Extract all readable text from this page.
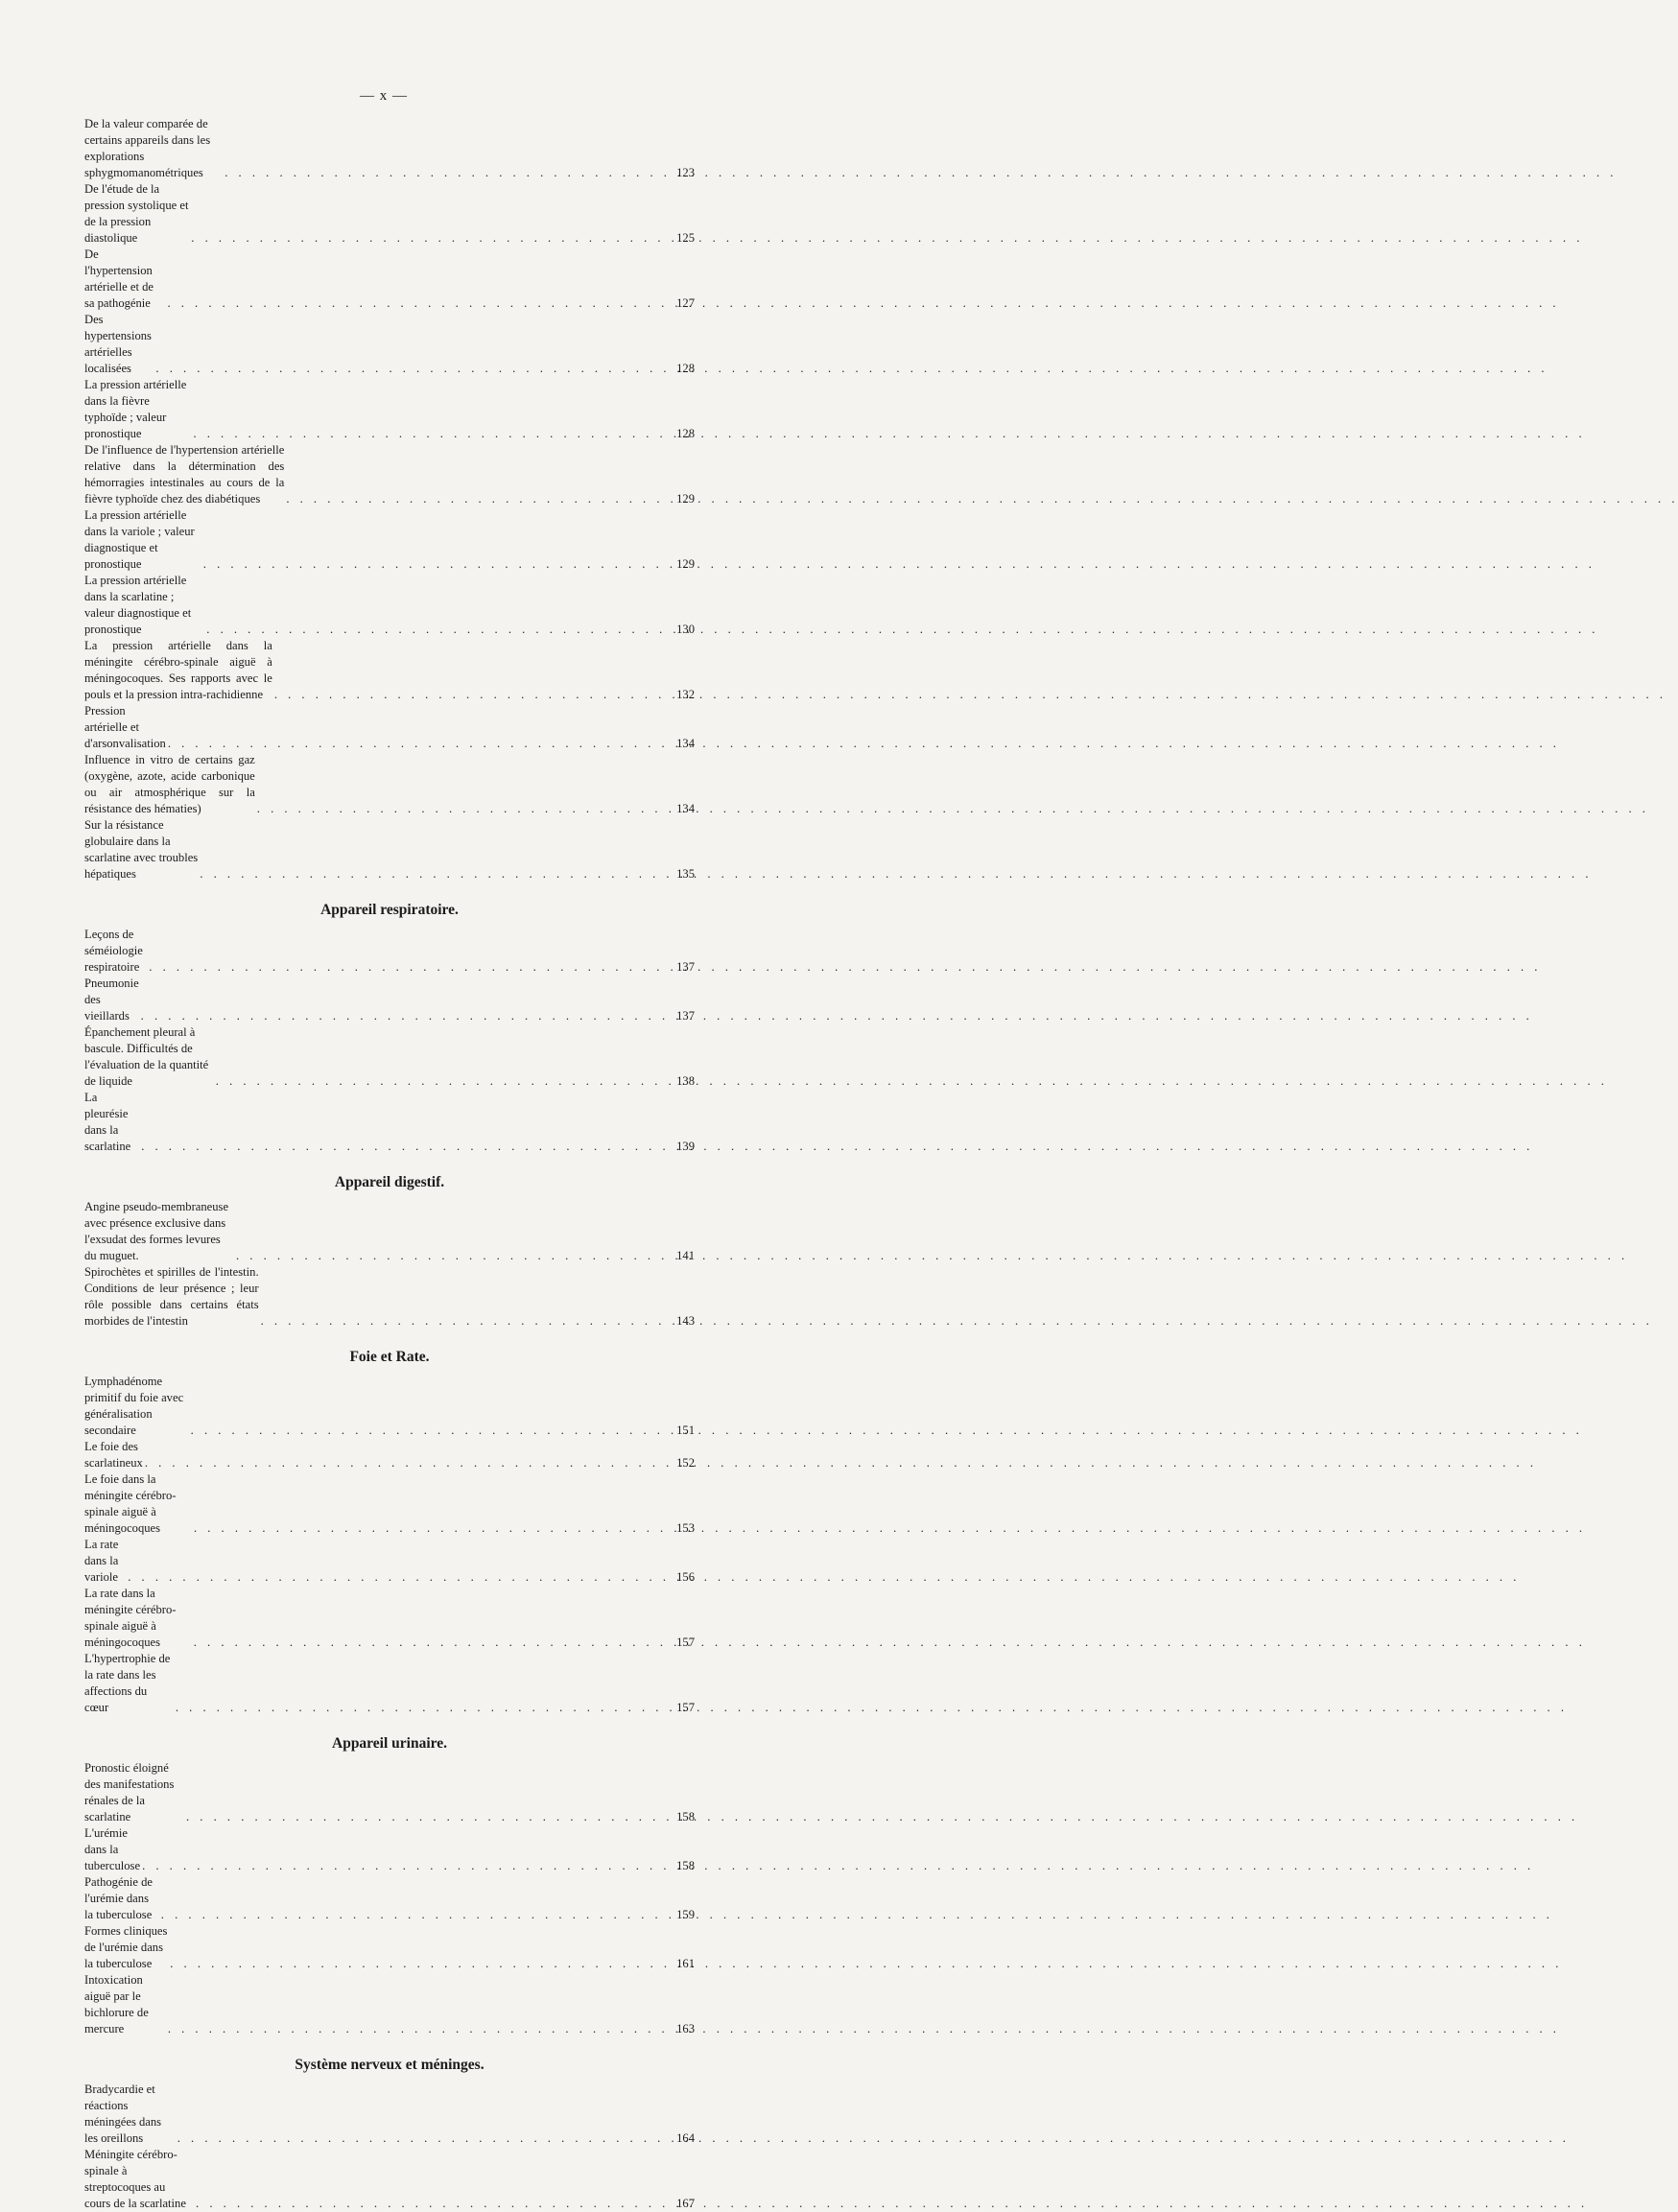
— x —
De la valeur comparée de certains appareils dans les explorations sphygmomanométriques . . .	123
De l'étude de la pression systolique et de la pression diastolique . . .	125
De l'hypertension artérielle et de sa pathogénie . . .	127
Des hypertensions artérielles localisées . . .	128
La pression artérielle dans la fièvre typhoïde ; valeur pronostique . . .	128
De l'influence de l'hypertension artérielle relative dans la détermination des hémorragies intestinales au cours de la fièvre typhoïde chez des diabétiques . . .	129
La pression artérielle dans la variole ; valeur diagnostique et pronostique . . .	129
La pression artérielle dans la scarlatine ; valeur diagnostique et pronostique . . .	130
La pression artérielle dans la méningite cérébro-spinale aiguë à méningocoques. Ses rapports avec le pouls et la pression intra-rachidienne . . .	132
Pression artérielle et d'arsonvalisation . . .	134
Influence in vitro de certains gaz (oxygène, azote, acide carbonique ou air atmosphérique sur la résistance des hématies) . . .	134
Sur la résistance globulaire dans la scarlatine avec troubles hépatiques . . .	135
Appareil respiratoire.
Leçons de séméiologie respiratoire . . .	137
Pneumonie des vieillards . . .	137
Épanchement pleural à bascule. Difficultés de l'évaluation de la quantité de liquide . . .	138
La pleurésie dans la scarlatine . . .	139
Appareil digestif.
Angine pseudo-membraneuse avec présence exclusive dans l'exsudat des formes levures du muguet. . . .	141
Spirochètes et spirilles de l'intestin. Conditions de leur présence ; leur rôle possible dans certains états morbides de l'intestin . . .	143
Foie et Rate.
Lymphadénome primitif du foie avec généralisation secondaire . . .	151
Le foie des scarlatineux . . .	152
Le foie dans la méningite cérébro-spinale aiguë à méningocoques . . .	153
La rate dans la variole . . .	156
La rate dans la méningite cérébro-spinale aiguë à méningocoques . . .	157
L'hypertrophie de la rate dans les affections du cœur . . .	157
Appareil urinaire.
Pronostic éloigné des manifestations rénales de la scarlatine . . .	158
L'urémie dans la tuberculose . . .	158
Pathogénie de l'urémie dans la tuberculose . . .	159
Formes cliniques de l'urémie dans la tuberculose . . .	161
Intoxication aiguë par le bichlorure de mercure . . .	163
Système nerveux et méninges.
Bradycardie et réactions méningées dans les oreillons . . .	164
Méningite cérébro-spinale à streptocoques au cours de la scarlatine . . .	167
